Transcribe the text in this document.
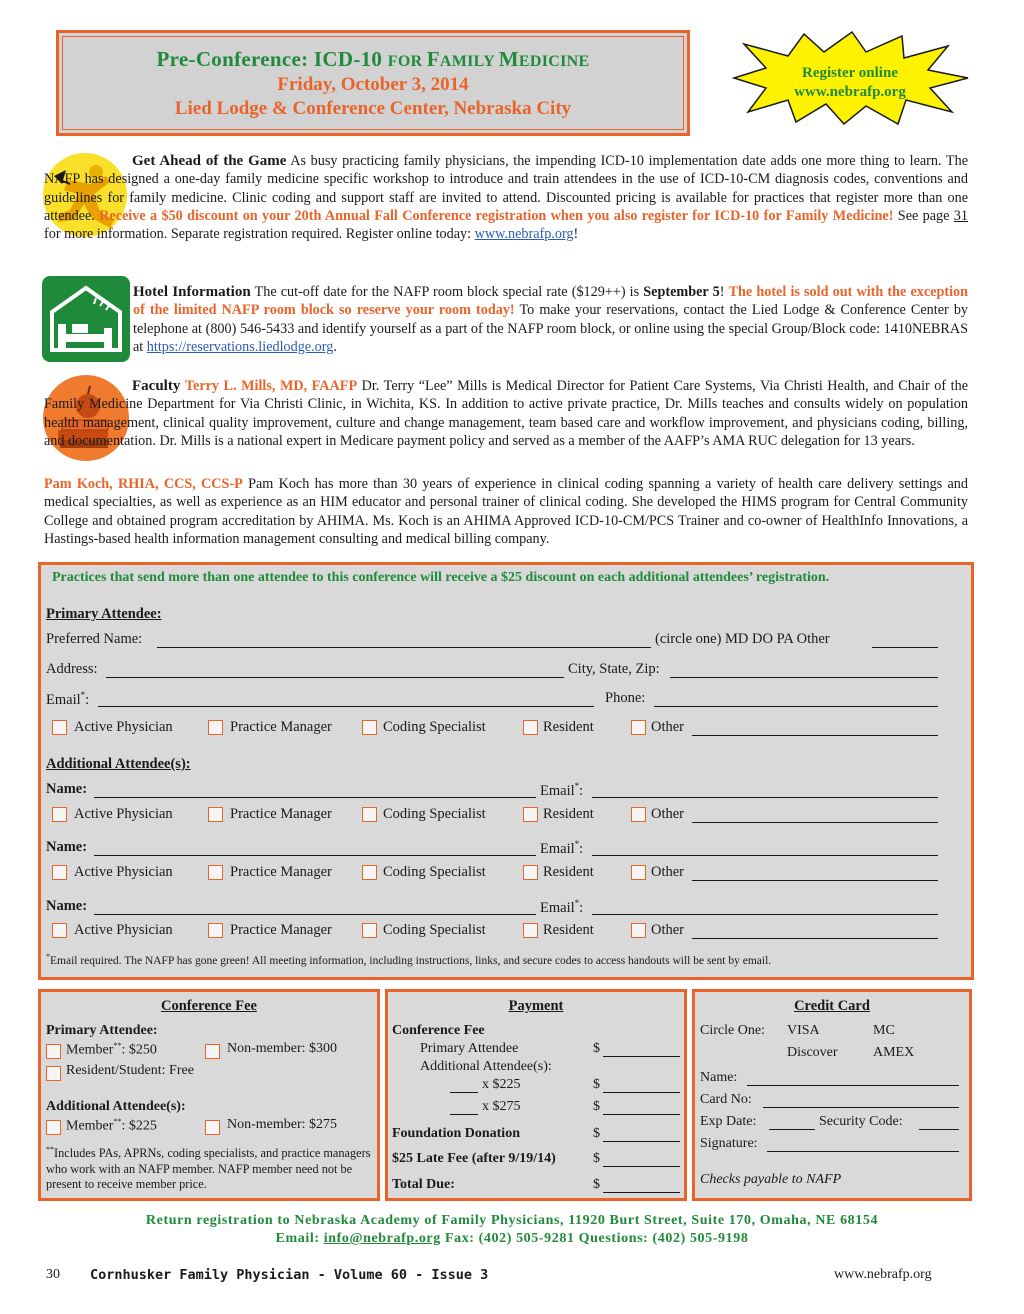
Pre-Conference: ICD-10 FOR FAMILY MEDICINE
Friday, October 3, 2014
Lied Lodge & Conference Center, Nebraska City
Register online
www.nebrafp.org
Get Ahead of the Game As busy practicing family physicians, the impending ICD-10 implementation date adds one more thing to learn. The NAFP has designed a one-day family medicine specific workshop to introduce and train attendees in the use of ICD-10-CM diagnosis codes, conventions and guidelines for family medicine. Clinic coding and support staff are invited to attend. Discounted pricing is available for practices that register more than one attendee. Receive a $50 discount on your 20th Annual Fall Conference registration when you also register for ICD-10 for Family Medicine! See page 31 for more information. Separate registration required. Register online today: www.nebrafp.org!
Hotel Information The cut-off date for the NAFP room block special rate ($129++) is September 5! The hotel is sold out with the exception of the limited NAFP room block so reserve your room today! To make your reservations, contact the Lied Lodge & Conference Center by telephone at (800) 546-5433 and identify yourself as a part of the NAFP room block, or online using the special Group/Block code: 1410NEBRAS at https://reservations.liedlodge.org.
Faculty Terry L. Mills, MD, FAAFP Dr. Terry “Lee” Mills is Medical Director for Patient Care Systems, Via Christi Health, and Chair of the Family Medicine Department for Via Christi Clinic, in Wichita, KS. In addition to active private practice, Dr. Mills teaches and consults widely on population health management, clinical quality improvement, culture and change management, team based care and workflow improvement, and physicians coding, billing, and documentation. Dr. Mills is a national expert in Medicare payment policy and served as a member of the AAFP’s AMA RUC delegation for 13 years.
Pam Koch, RHIA, CCS, CCS-P Pam Koch has more than 30 years of experience in clinical coding spanning a variety of health care delivery settings and medical specialties, as well as experience as an HIM educator and personal trainer of clinical coding. She developed the HIMS program for Central Community College and obtained program accreditation by AHIMA. Ms. Koch is an AHIMA Approved ICD-10-CM/PCS Trainer and co-owner of HealthInfo Innovations, a Hastings-based health information management consulting and medical billing company.
Practices that send more than one attendee to this conference will receive a $25 discount on each additional attendees’ registration.
Primary Attendee:
Preferred Name:	(circle one) MD DO PA Other
Address:	City, State, Zip:
Email*:	Phone:
Active Physician	Practice Manager	Coding Specialist	Resident	Other
Additional Attendee(s):
Name:	Email*:
Active Physician	Practice Manager	Coding Specialist	Resident	Other
Name:	Email*:
Active Physician	Practice Manager	Coding Specialist	Resident	Other
Name:	Email*:
Active Physician	Practice Manager	Coding Specialist	Resident	Other
*Email required. The NAFP has gone green! All meeting information, including instructions, links, and secure codes to access handouts will be sent by email.
Conference Fee
Primary Attendee:
Member**: $250	Non-member: $300
Resident/Student: Free
Additional Attendee(s):
Member**: $225	Non-member: $275
**Includes PAs, APRNs, coding specialists, and practice managers who work with an NAFP member. NAFP member need not be present to receive member price.
Payment
Conference Fee
Primary Attendee	$
Additional Attendee(s):
x $225	$
x $275	$
Foundation Donation	$
$25 Late Fee (after 9/19/14)	$
Total Due:	$
Credit Card
Circle One: VISA	MC
Discover	AMEX
Name:
Card No:
Exp Date:	Security Code:
Signature:
Checks payable to NAFP
Return registration to Nebraska Academy of Family Physicians, 11920 Burt Street, Suite 170, Omaha, NE 68154
Email: info@nebrafp.org Fax: (402) 505-9281 Questions: (402) 505-9198
30 Cornhusker Family Physician - Volume 60 - Issue 3	www.nebrafp.org
